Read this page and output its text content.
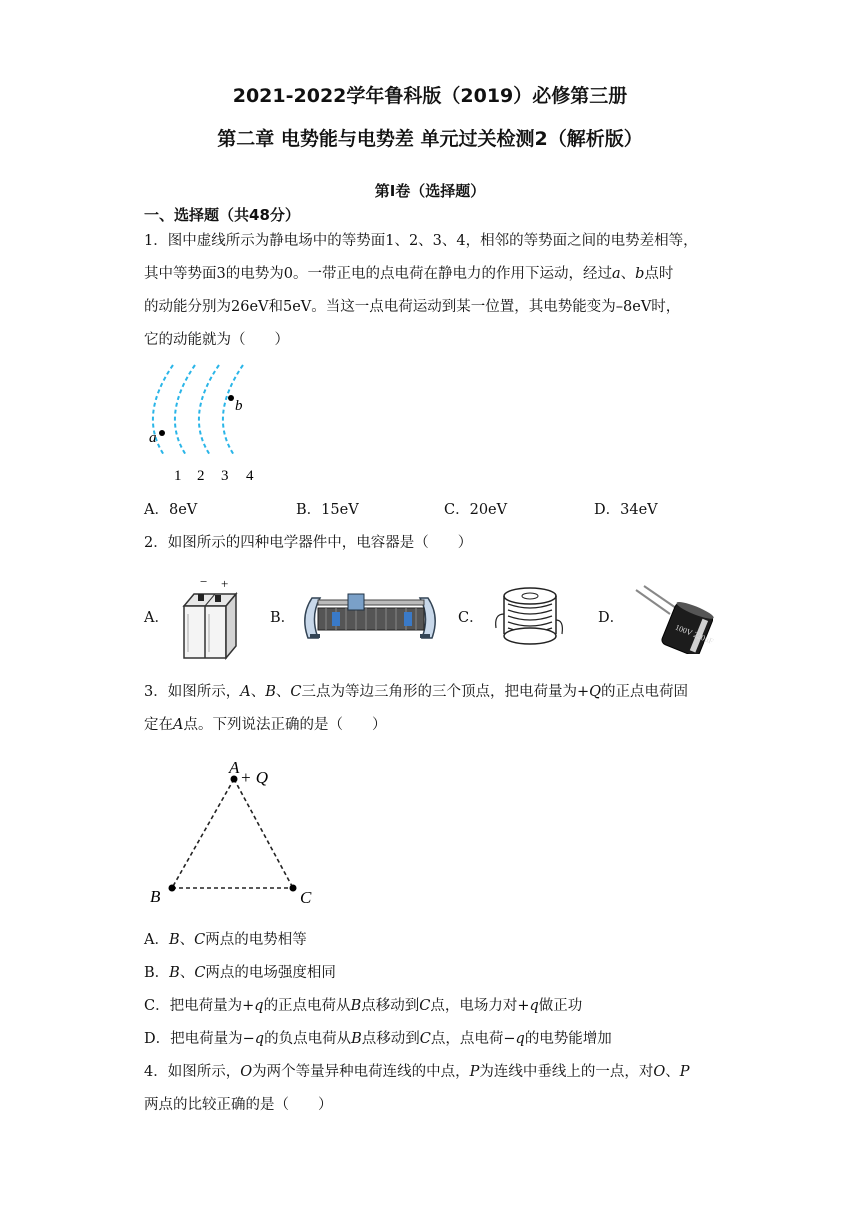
2021-2022学年鲁科版（2019）必修第三册
第二章 电势能与电势差 单元过关检测2（解析版）
第I卷（选择题）
一、选择题（共48分）
1．图中虚线所示为静电场中的等势面1、2、3、4，相邻的等势面之间的电势差相等，
其中等势面3的电势为0。一带正电的点电荷在静电力的作用下运动，经过a、b点时
的动能分别为26eV和5eV。当这一点电荷运动到某一位置，其电势能变为–8eV时，
它的动能就为（　　）
a
b
1 2 3 4
A．8eV	B．15eV	C．20eV	D．34eV
2．如图所示的四种电学器件中，电容器是（　　）
A．
− +
B．	C．	D．
100V 220μF
3．如图所示，A、B、C三点为等边三角形的三个顶点，把电荷量为+Q的正点电荷固
定在A点。下列说法正确的是（　　）
A
+ Q
B	C
A．B、C两点的电势相等
B．B、C两点的电场强度相同
C．把电荷量为+q的正点电荷从B点移动到C点，电场力对+q做正功
D．把电荷量为−q的负点电荷从B点移动到C点，点电荷−q的电势能增加
4．如图所示，O为两个等量异种电荷连线的中点，P为连线中垂线上的一点，对O、P
两点的比较正确的是（　　）
